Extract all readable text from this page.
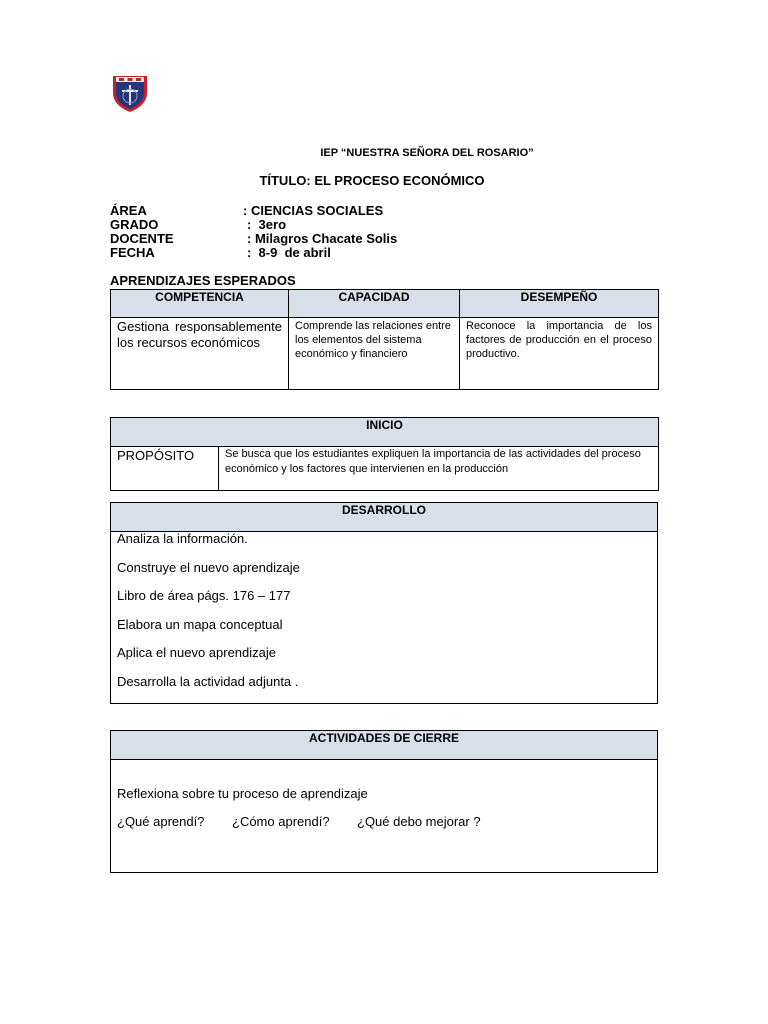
IEP “NUESTRA SEÑORA DEL ROSARIO”
TÍTULO: EL PROCESO ECONÓMICO
ÁREA	: CIENCIAS SOCIALES
GRADO	:  3ero
DOCENTE	: Milagros Chacate Solis
FECHA	:  8-9  de abril
APRENDIZAJES ESPERADOS
COMPETENCIA	CAPACIDAD	DESEMPEÑO
Gestiona responsablemente los recursos económicos	Comprende las relaciones entre los elementos del sistema económico y financiero	Reconoce la importancia de los factores de producción en el proceso productivo.
INICIO
PROPÓSITO	Se busca que los estudiantes expliquen la importancia de las actividades del proceso económico y los factores que intervienen en la producción
DESARROLLO

Analiza la información.

Construye el nuevo aprendizaje

Libro de área págs. 176 – 177

Elabora un mapa conceptual

Aplica el nuevo aprendizaje

Desarrolla la actividad adjunta .

ACTIVIDADES DE CIERRE

Reflexiona sobre tu proceso de aprendizaje
¿Qué aprendí? ¿Cómo aprendí? ¿Qué debo mejorar ?
